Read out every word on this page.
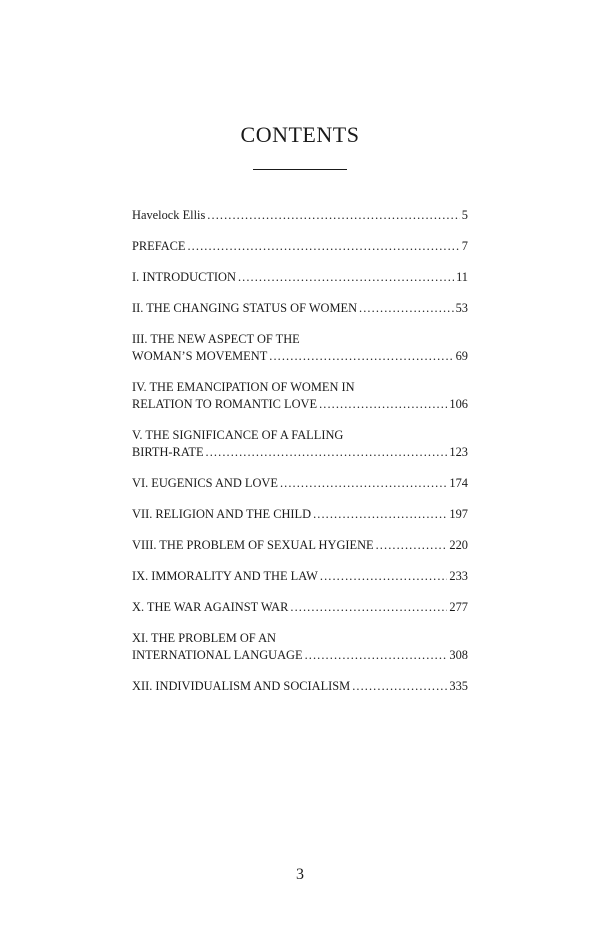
CONTENTS
Havelock Ellis . . .	5
PREFACE . . .	7
I. INTRODUCTION . . .	11
II. THE CHANGING STATUS OF WOMEN . . .	53
III. THE NEW ASPECT OF THE
WOMAN’S MOVEMENT . . .	69
IV. THE EMANCIPATION OF WOMEN IN
RELATION TO ROMANTIC LOVE . . .	106
V. THE SIGNIFICANCE OF A FALLING
BIRTH-RATE . . .	123
VI. EUGENICS AND LOVE . . .	174
VII. RELIGION AND THE CHILD . . .	197
VIII. THE PROBLEM OF SEXUAL HYGIENE . . .	220
IX. IMMORALITY AND THE LAW . . .	233
X. THE WAR AGAINST WAR . . .	277
XI. THE PROBLEM OF AN
INTERNATIONAL LANGUAGE . . .	308
XII. INDIVIDUALISM AND SOCIALISM . . .	335
3
